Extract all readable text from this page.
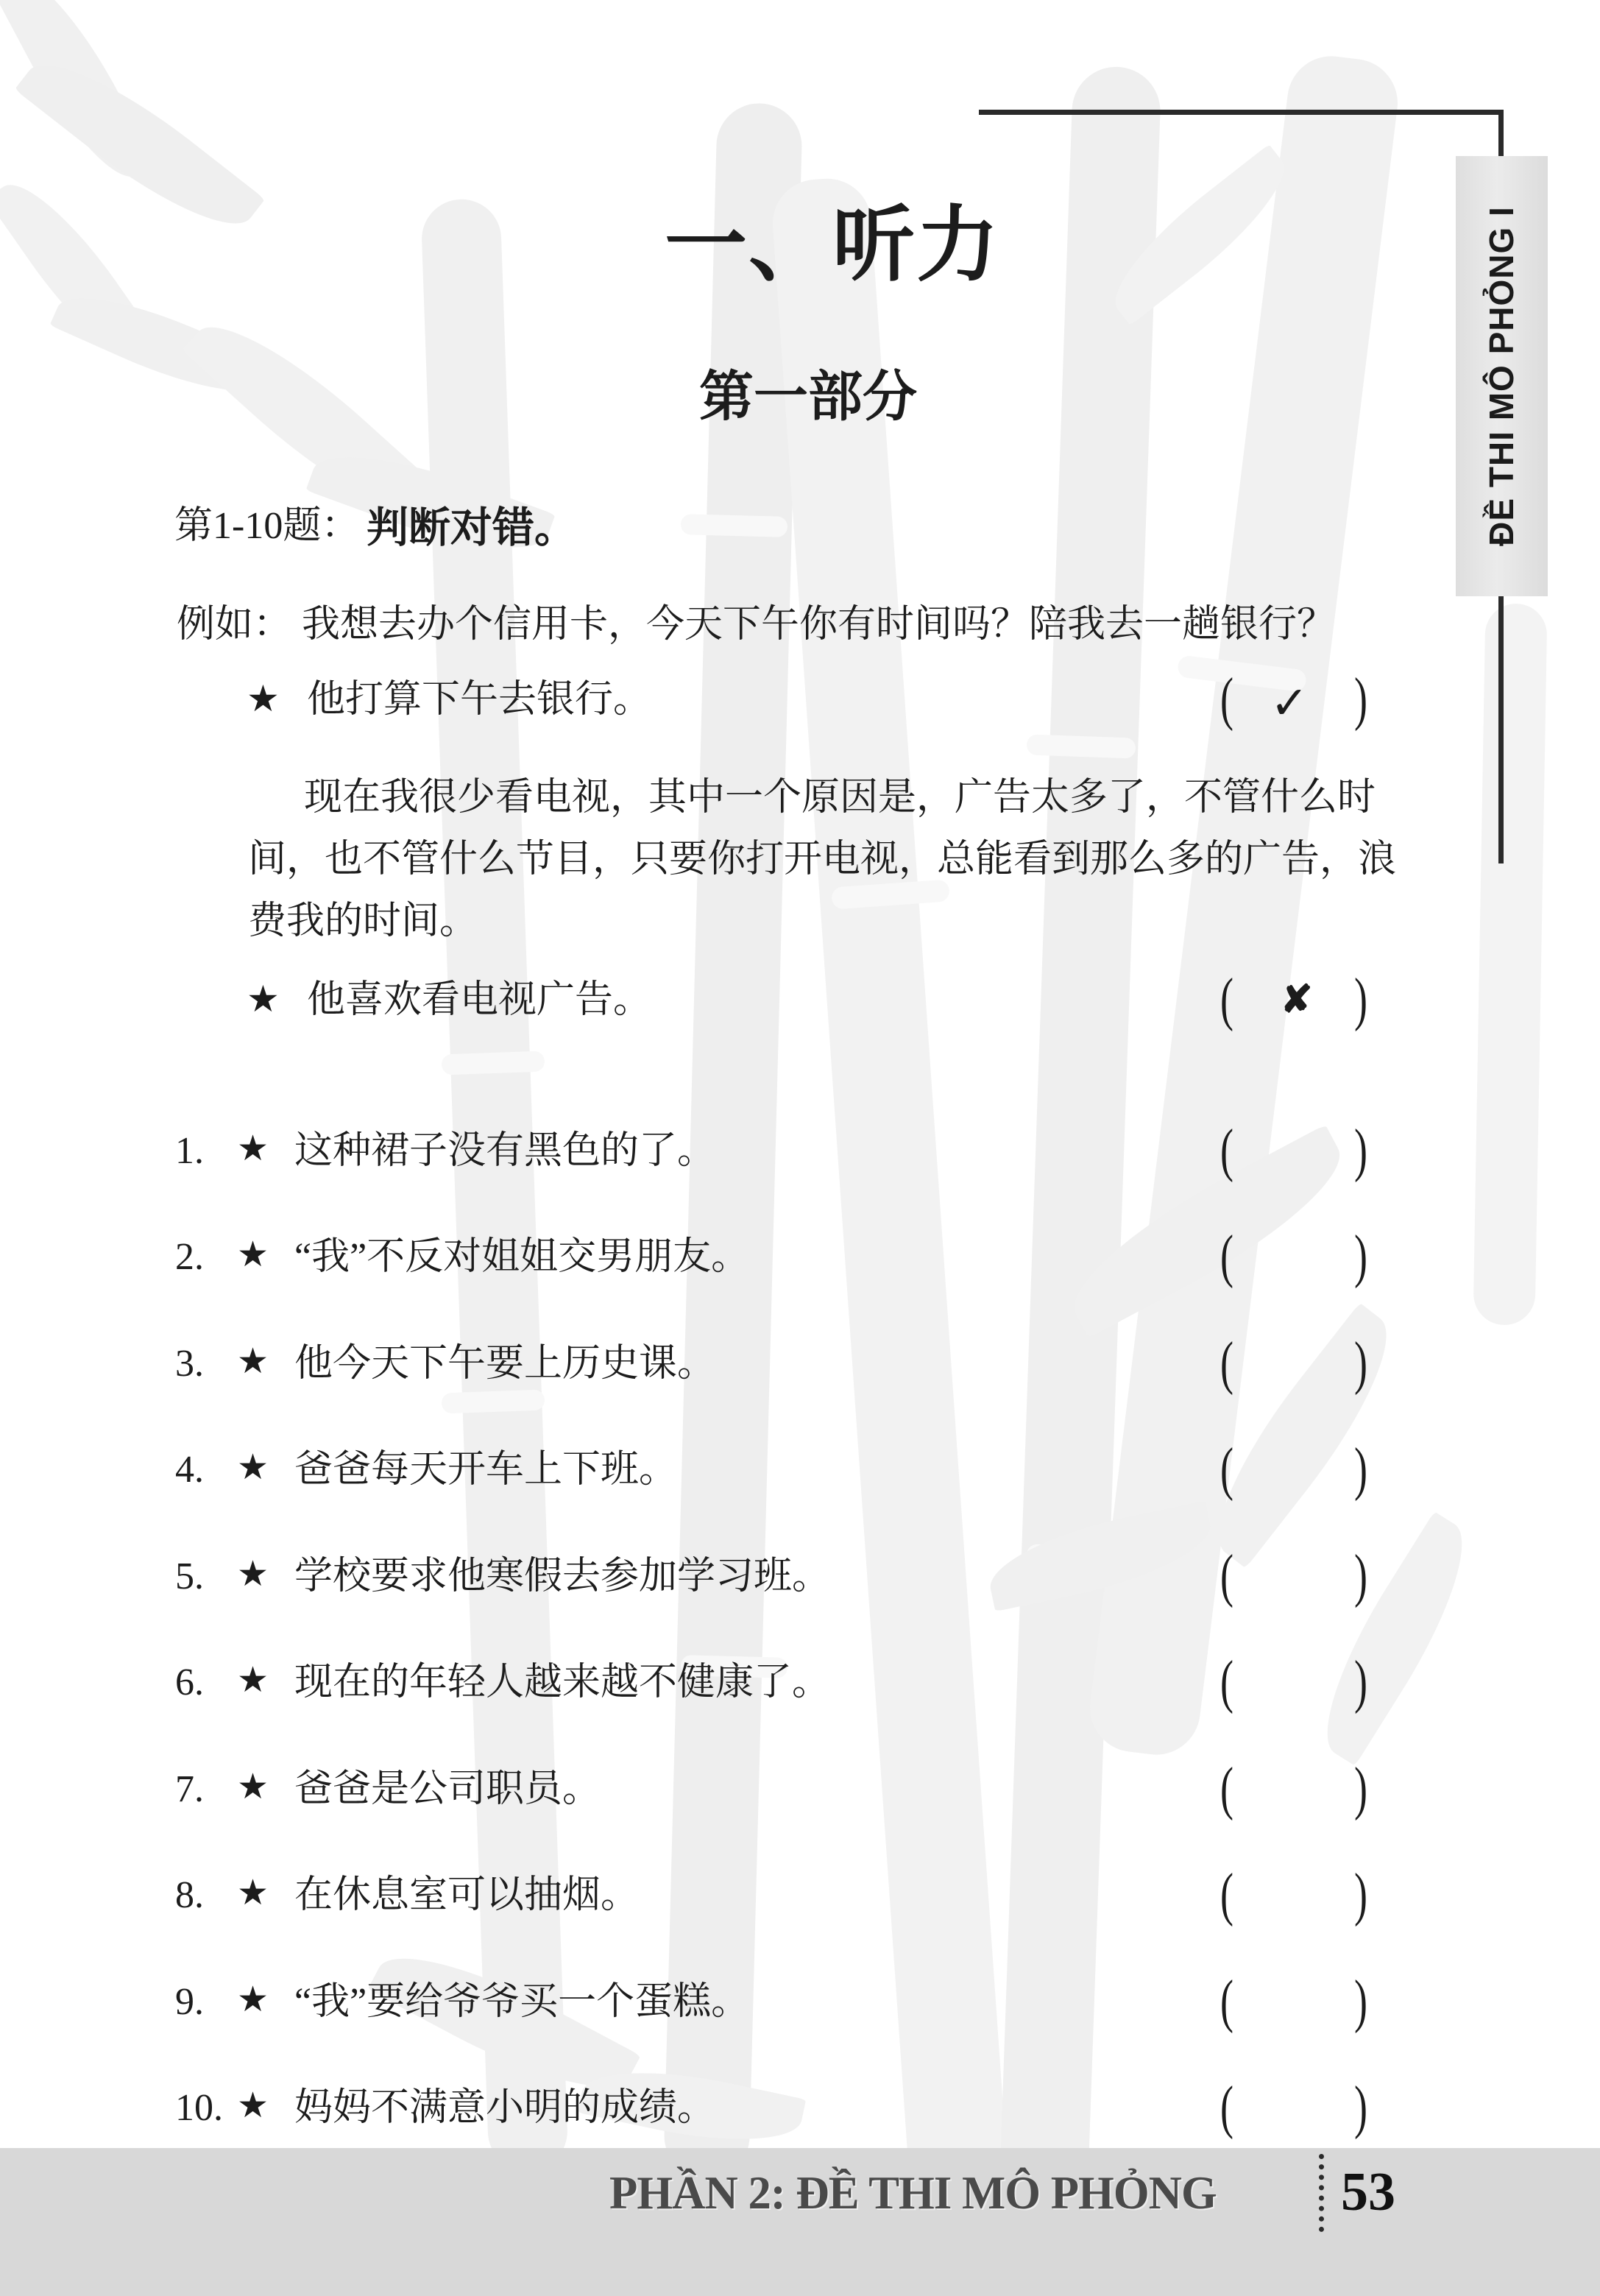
ĐỀ THI MÔ PHỎNG I
一、听力
第一部分
第1-10题： 判断对错。
例如： 我想去办个信用卡，今天下午你有时间吗？陪我去一趟银行？
★ 他打算下午去银行。	( ✓ )
现在我很少看电视，其中一个原因是，广告太多了，不管什么时
间，也不管什么节目，只要你打开电视，总能看到那么多的广告，浪
费我的时间。
★ 他喜欢看电视广告。	( ✘ )
1. ★ 这种裙子没有黑色的了。	(	)
2. ★ “我”不反对姐姐交男朋友。	(	)
3. ★ 他今天下午要上历史课。	(	)
4. ★ 爸爸每天开车上下班。	(	)
5. ★ 学校要求他寒假去参加学习班。	(	)
6. ★ 现在的年轻人越来越不健康了。	(	)
7. ★ 爸爸是公司职员。	(	)
8. ★ 在休息室可以抽烟。	(	)
9. ★ “我”要给爷爷买一个蛋糕。	(	)
10. ★ 妈妈不满意小明的成绩。	(	)
PHẦN 2: ĐỀ THI MÔ PHỎNG 53
